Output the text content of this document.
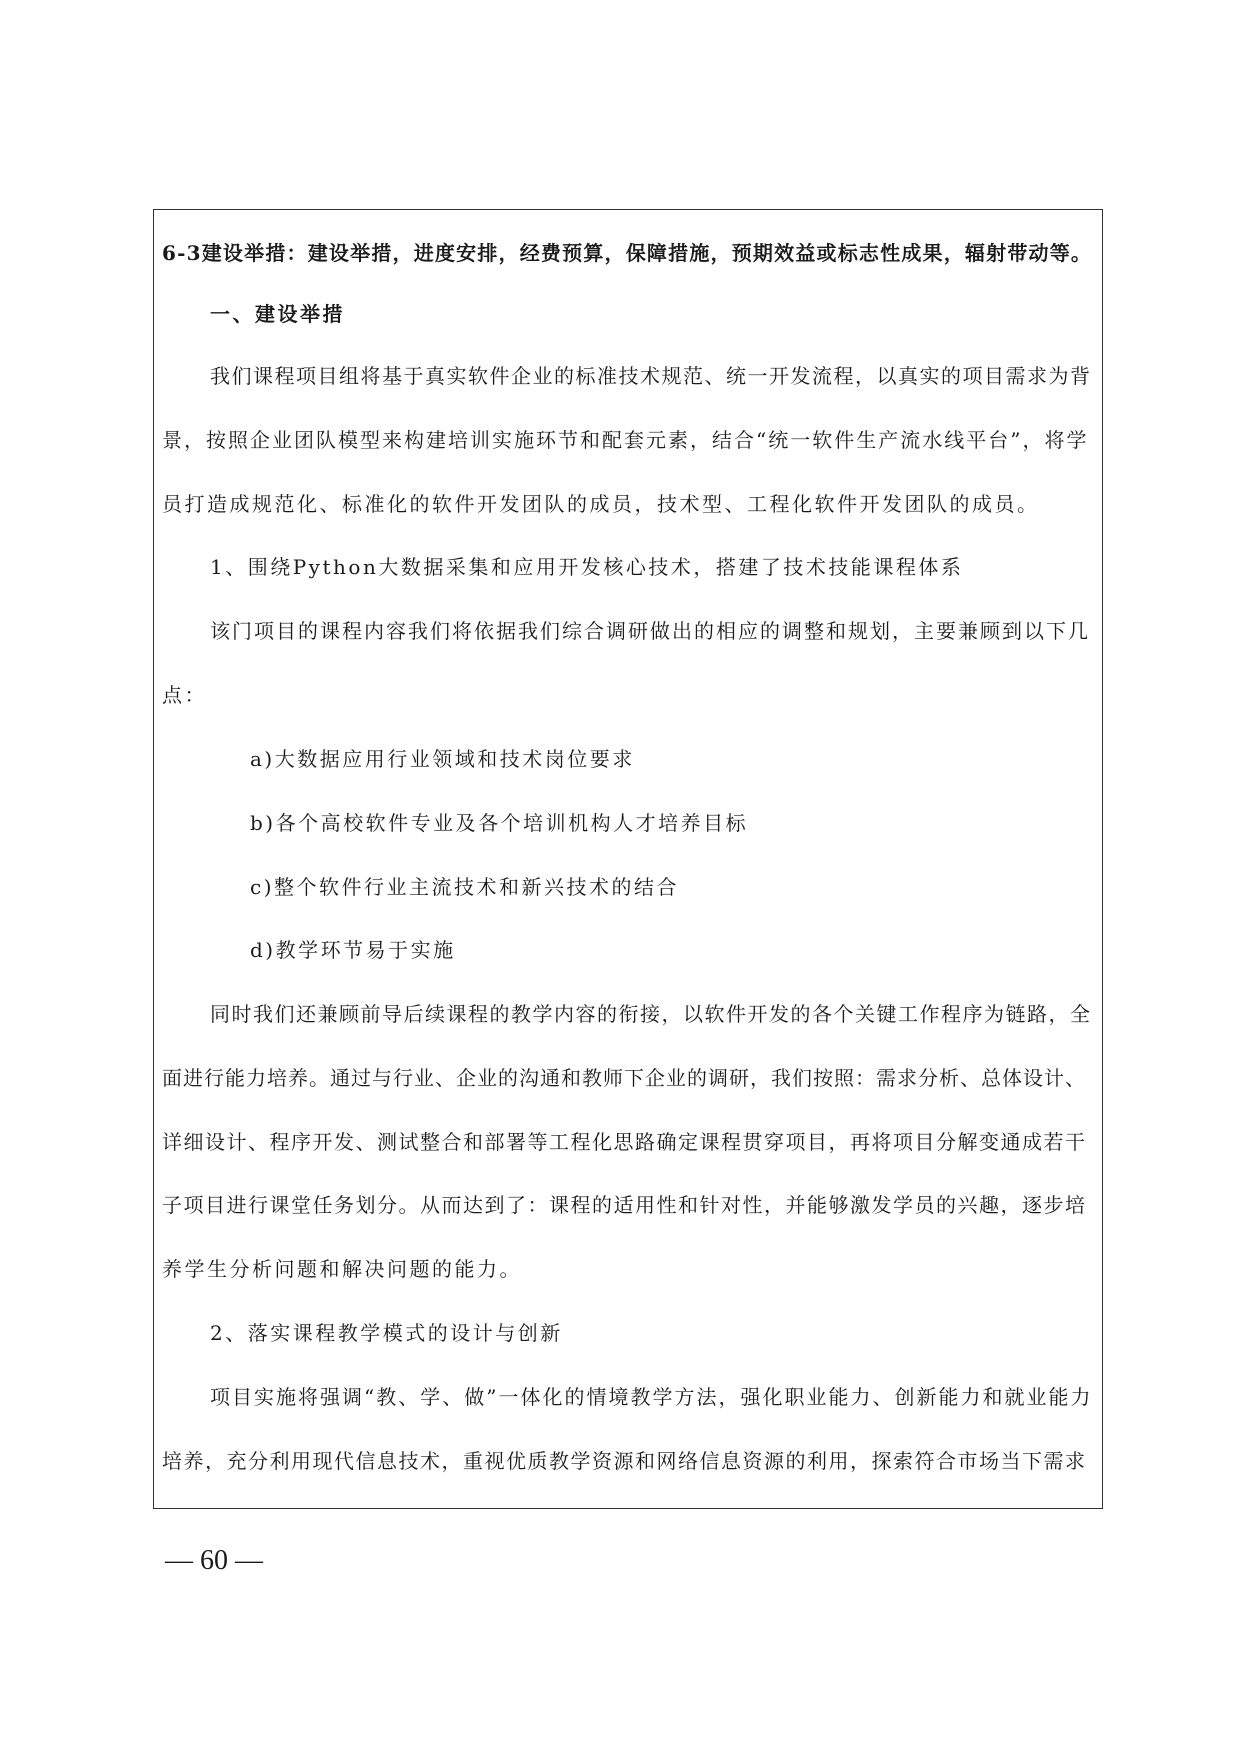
6-3建设举措：建设举措，进度安排，经费预算，保障措施，预期效益或标志性成果，辐射带动等。
一、建设举措
我们课程项目组将基于真实软件企业的标准技术规范、统一开发流程，以真实的项目需求为背
景，按照企业团队模型来构建培训实施环节和配套元素，结合“统一软件生产流水线平台”，将学
员打造成规范化、标准化的软件开发团队的成员，技术型、工程化软件开发团队的成员。
1、围绕Python大数据采集和应用开发核心技术，搭建了技术技能课程体系
该门项目的课程内容我们将依据我们综合调研做出的相应的调整和规划，主要兼顾到以下几
点：
a)大数据应用行业领域和技术岗位要求
b)各个高校软件专业及各个培训机构人才培养目标
c)整个软件行业主流技术和新兴技术的结合
d)教学环节易于实施
同时我们还兼顾前导后续课程的教学内容的衔接，以软件开发的各个关键工作程序为链路，全
面进行能力培养。通过与行业、企业的沟通和教师下企业的调研，我们按照：需求分析、总体设计、
详细设计、程序开发、测试整合和部署等工程化思路确定课程贯穿项目，再将项目分解变通成若干
子项目进行课堂任务划分。从而达到了：课程的适用性和针对性，并能够激发学员的兴趣，逐步培
养学生分析问题和解决问题的能力。
2、落实课程教学模式的设计与创新
项目实施将强调“教、学、做”一体化的情境教学方法，强化职业能力、创新能力和就业能力
培养，充分利用现代信息技术，重视优质教学资源和网络信息资源的利用，探索符合市场当下需求
— 60 —
